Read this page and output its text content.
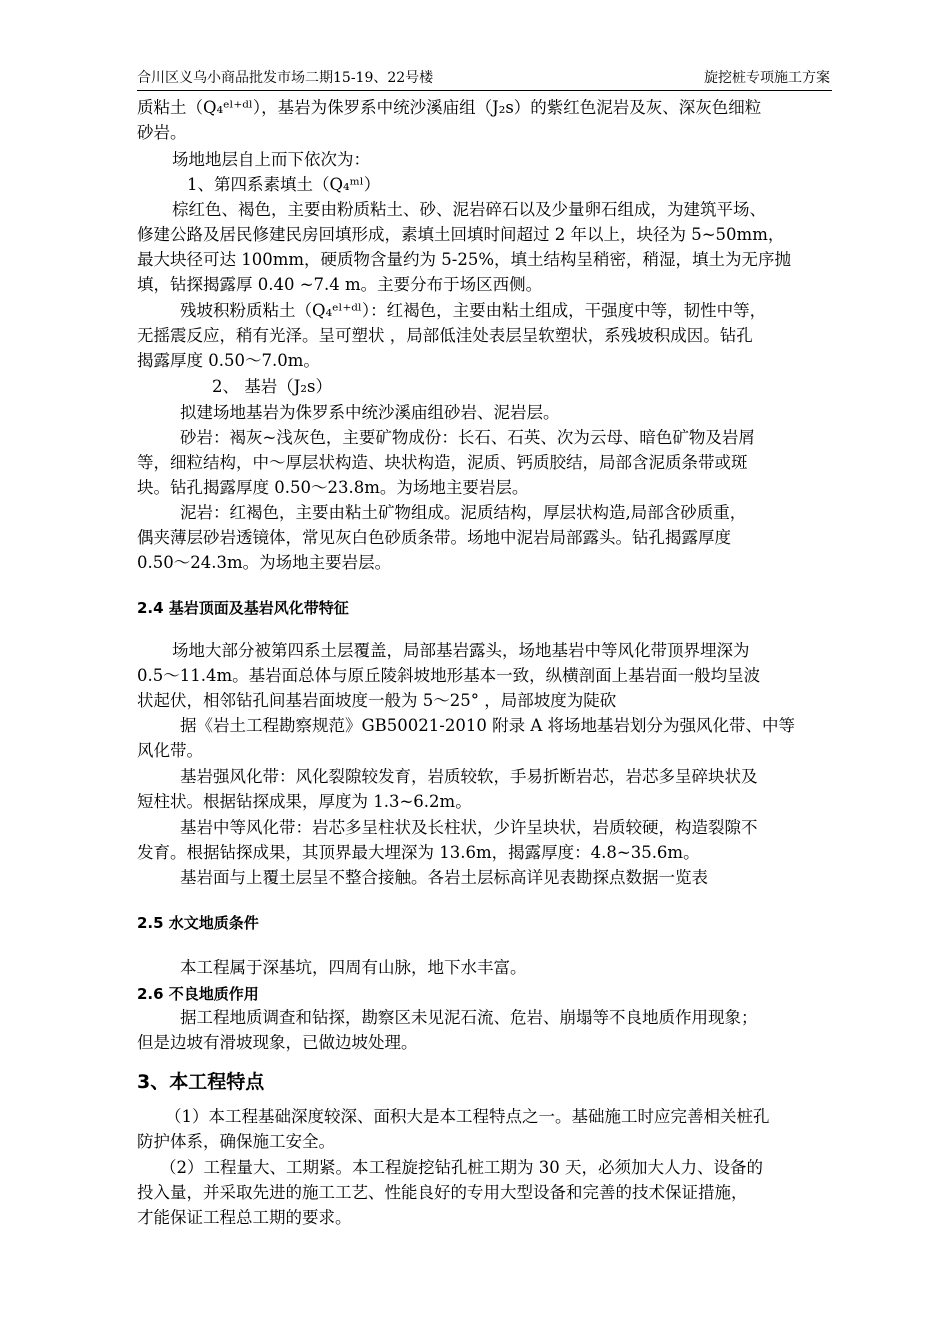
合川区义乌小商品批发市场二期15-19、22号楼	旋挖桩专项施工方案
质粘土（Q₄ᵉˡ⁺ᵈˡ），基岩为侏罗系中统沙溪庙组（J₂s）的紫红色泥岩及灰、深灰色细粒
砂岩。
场地地层自上而下依次为：
1、第四系素填土（Q₄ᵐˡ）
棕红色、褐色，主要由粉质粘土、砂、泥岩碎石以及少量卵石组成，为建筑平场、
修建公路及居民修建民房回填形成，素填土回填时间超过 2 年以上，块径为 5~50mm，
最大块径可达 100mm，硬质物含量约为 5-25%，填土结构呈稍密，稍湿，填土为无序抛
填，钻探揭露厚 0.40 ~7.4 m。主要分布于场区西侧。
残坡积粉质粘土（Q₄ᵉˡ⁺ᵈˡ）：红褐色，主要由粘土组成，干强度中等，韧性中等，
无摇震反应，稍有光泽。呈可塑状 ，局部低洼处表层呈软塑状，系残坡积成因。钻孔
揭露厚度 0.50～7.0m。
2、 基岩（J₂s）
拟建场地基岩为侏罗系中统沙溪庙组砂岩、泥岩层。
砂岩：褐灰~浅灰色，主要矿物成份：长石、石英、次为云母、暗色矿物及岩屑
等，细粒结构，中～厚层状构造、块状构造，泥质、钙质胶结，局部含泥质条带或斑
块。钻孔揭露厚度 0.50～23.8m。为场地主要岩层。
泥岩：红褐色，主要由粘土矿物组成。泥质结构，厚层状构造,局部含砂质重，
偶夹薄层砂岩透镜体，常见灰白色砂质条带。场地中泥岩局部露头。钻孔揭露厚度
0.50～24.3m。为场地主要岩层。
2.4 基岩顶面及基岩风化带特征
场地大部分被第四系土层覆盖，局部基岩露头，场地基岩中等风化带顶界埋深为
0.5～11.4m。基岩面总体与原丘陵斜坡地形基本一致，纵横剖面上基岩面一般均呈波
状起伏，相邻钻孔间基岩面坡度一般为 5～25° ，局部坡度为陡砍
据《岩土工程勘察规范》GB50021-2010 附录 A 将场地基岩划分为强风化带、中等
风化带。
基岩强风化带：风化裂隙较发育，岩质较软，手易折断岩芯，岩芯多呈碎块状及
短柱状。根据钻探成果，厚度为 1.3~6.2m。
基岩中等风化带：岩芯多呈柱状及长柱状，少许呈块状，岩质较硬，构造裂隙不
发育。根据钻探成果，其顶界最大埋深为 13.6m，揭露厚度：4.8~35.6m。
基岩面与上覆土层呈不整合接触。各岩土层标高详见表勘探点数据一览表
2.5 水文地质条件
本工程属于深基坑，四周有山脉，地下水丰富。
2.6 不良地质作用
据工程地质调查和钻探，勘察区未见泥石流、危岩、崩塌等不良地质作用现象；
但是边坡有滑坡现象，已做边坡处理。
3、本工程特点
（1）本工程基础深度较深、面积大是本工程特点之一。基础施工时应完善相关桩孔
防护体系，确保施工安全。
（2）工程量大、工期紧。本工程旋挖钻孔桩工期为 30 天，必须加大人力、设备的
投入量，并采取先进的施工工艺、性能良好的专用大型设备和完善的技术保证措施，
才能保证工程总工期的要求。
